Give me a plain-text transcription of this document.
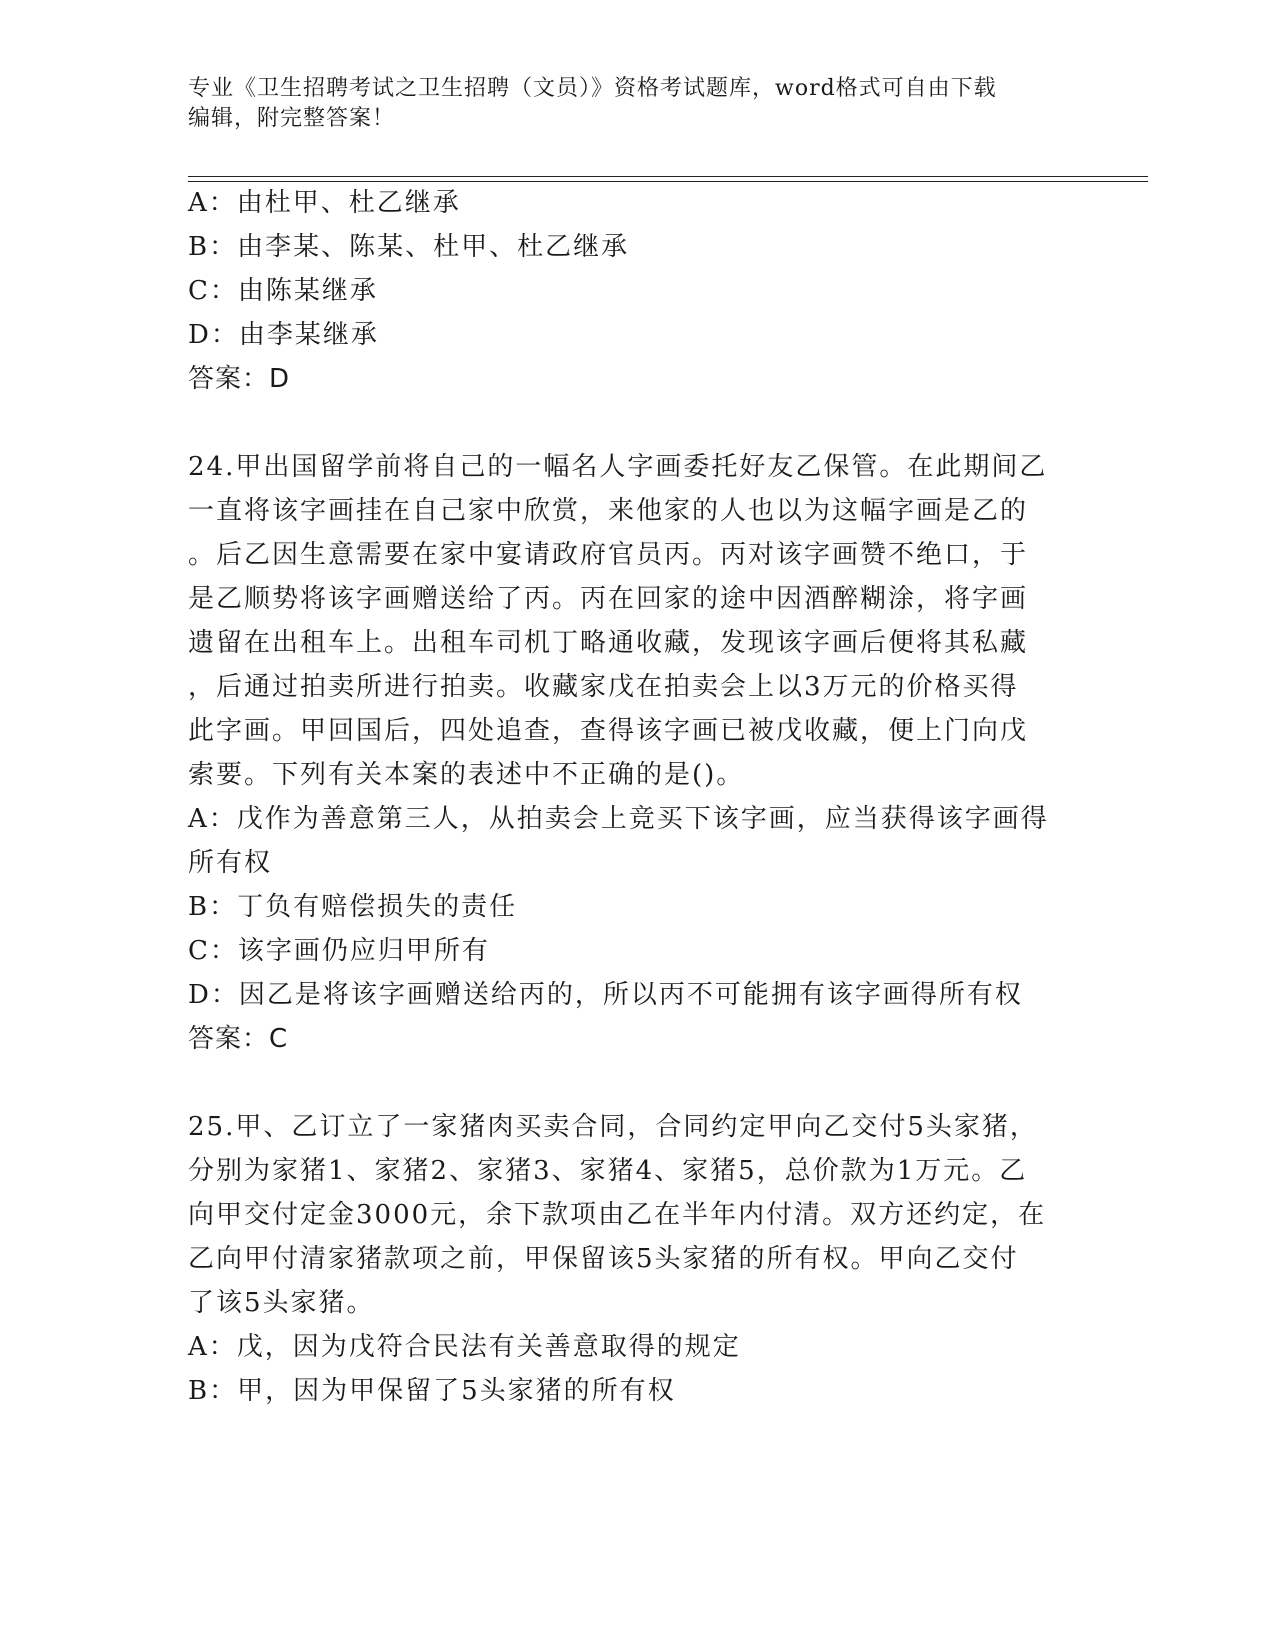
专业《卫生招聘考试之卫生招聘（文员）》资格考试题库，word格式可自由下载
编辑，附完整答案！
A：由杜甲、杜乙继承
B：由李某、陈某、杜甲、杜乙继承
C：由陈某继承
D：由李某继承
答案：D
24.甲出国留学前将自己的一幅名人字画委托好友乙保管。在此期间乙
一直将该字画挂在自己家中欣赏，来他家的人也以为这幅字画是乙的
。后乙因生意需要在家中宴请政府官员丙。丙对该字画赞不绝口，于
是乙顺势将该字画赠送给了丙。丙在回家的途中因酒醉糊涂，将字画
遗留在出租车上。出租车司机丁略通收藏，发现该字画后便将其私藏
，后通过拍卖所进行拍卖。收藏家戊在拍卖会上以3万元的价格买得
此字画。甲回国后，四处追查，查得该字画已被戊收藏，便上门向戊
索要。下列有关本案的表述中不正确的是()。
A：戊作为善意第三人，从拍卖会上竞买下该字画，应当获得该字画得
所有权
B：丁负有赔偿损失的责任
C：该字画仍应归甲所有
D：因乙是将该字画赠送给丙的，所以丙不可能拥有该字画得所有权
答案：C
25.甲、乙订立了一家猪肉买卖合同，合同约定甲向乙交付5头家猪，
分别为家猪1、家猪2、家猪3、家猪4、家猪5，总价款为1万元。乙
向甲交付定金3000元，余下款项由乙在半年内付清。双方还约定，在
乙向甲付清家猪款项之前，甲保留该5头家猪的所有权。甲向乙交付
了该5头家猪。
A：戊，因为戊符合民法有关善意取得的规定
B：甲，因为甲保留了5头家猪的所有权
